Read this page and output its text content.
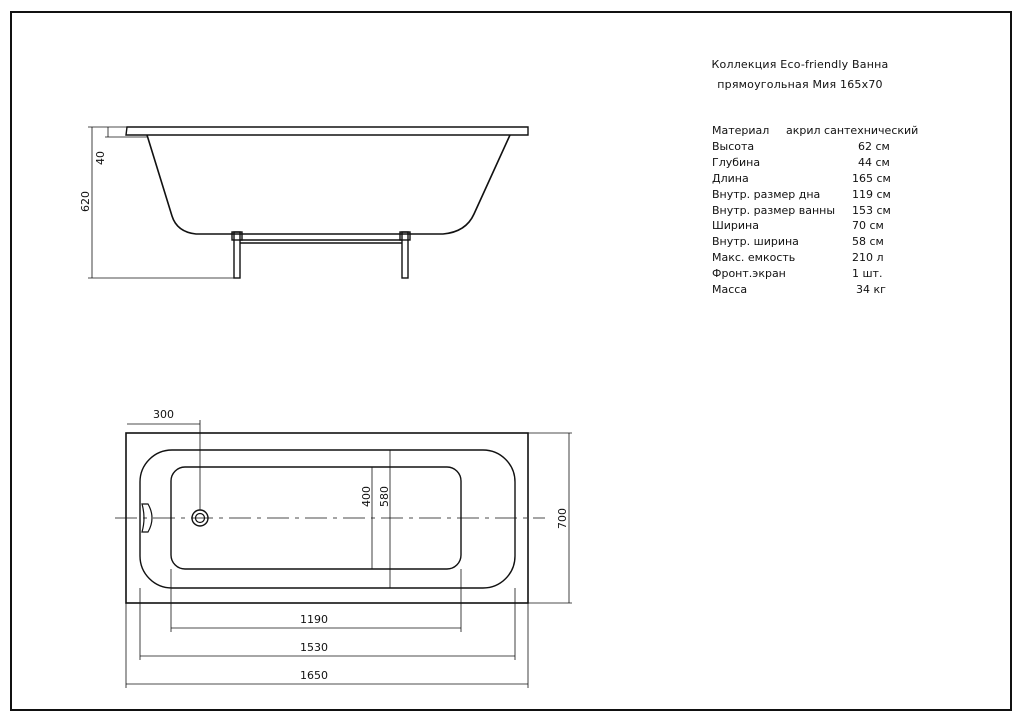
Коллекция Eco-friendly Ванна
прямоугольная Мия 165х70
Материал акрил сантехнический
Высота	62 см
Глубина	44 см
Длина	165 см
Внутр. размер дна	119 см
Внутр. размер ванны 153 см
Ширина	70 см
Внутр. ширина	58 см
Макс. емкость	210 л
Фронт.экран	1 шт.
Масса	34 кг
620
40
300
400 580
700
1190
1530
1650
